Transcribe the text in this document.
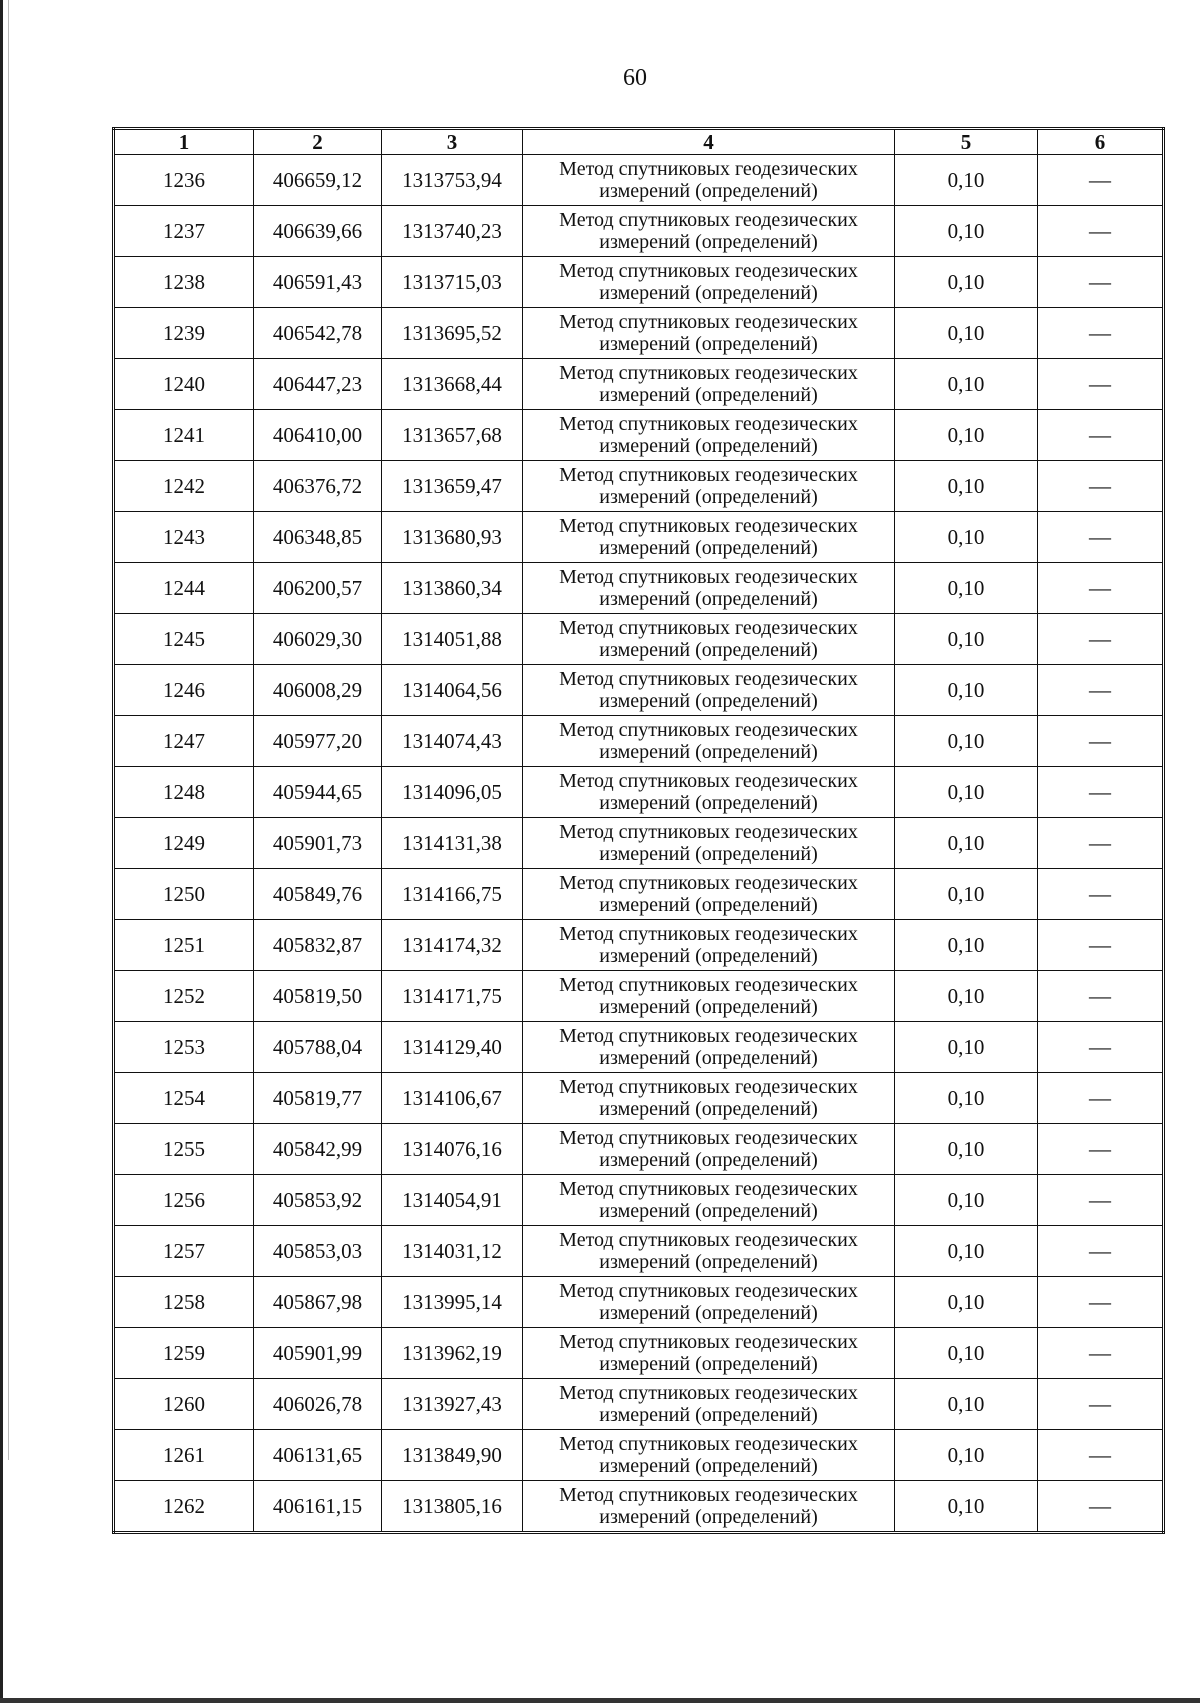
60
1	2	3	4	5	6
1236	406659,12	1313753,94	Метод спутниковых геодезических измерений (определений)	0,10	—
1237	406639,66	1313740,23	Метод спутниковых геодезических измерений (определений)	0,10	—
1238	406591,43	1313715,03	Метод спутниковых геодезических измерений (определений)	0,10	—
1239	406542,78	1313695,52	Метод спутниковых геодезических измерений (определений)	0,10	—
1240	406447,23	1313668,44	Метод спутниковых геодезических измерений (определений)	0,10	—
1241	406410,00	1313657,68	Метод спутниковых геодезических измерений (определений)	0,10	—
1242	406376,72	1313659,47	Метод спутниковых геодезических измерений (определений)	0,10	—
1243	406348,85	1313680,93	Метод спутниковых геодезических измерений (определений)	0,10	—
1244	406200,57	1313860,34	Метод спутниковых геодезических измерений (определений)	0,10	—
1245	406029,30	1314051,88	Метод спутниковых геодезических измерений (определений)	0,10	—
1246	406008,29	1314064,56	Метод спутниковых геодезических измерений (определений)	0,10	—
1247	405977,20	1314074,43	Метод спутниковых геодезических измерений (определений)	0,10	—
1248	405944,65	1314096,05	Метод спутниковых геодезических измерений (определений)	0,10	—
1249	405901,73	1314131,38	Метод спутниковых геодезических измерений (определений)	0,10	—
1250	405849,76	1314166,75	Метод спутниковых геодезических измерений (определений)	0,10	—
1251	405832,87	1314174,32	Метод спутниковых геодезических измерений (определений)	0,10	—
1252	405819,50	1314171,75	Метод спутниковых геодезических измерений (определений)	0,10	—
1253	405788,04	1314129,40	Метод спутниковых геодезических измерений (определений)	0,10	—
1254	405819,77	1314106,67	Метод спутниковых геодезических измерений (определений)	0,10	—
1255	405842,99	1314076,16	Метод спутниковых геодезических измерений (определений)	0,10	—
1256	405853,92	1314054,91	Метод спутниковых геодезических измерений (определений)	0,10	—
1257	405853,03	1314031,12	Метод спутниковых геодезических измерений (определений)	0,10	—
1258	405867,98	1313995,14	Метод спутниковых геодезических измерений (определений)	0,10	—
1259	405901,99	1313962,19	Метод спутниковых геодезических измерений (определений)	0,10	—
1260	406026,78	1313927,43	Метод спутниковых геодезических измерений (определений)	0,10	—
1261	406131,65	1313849,90	Метод спутниковых геодезических измерений (определений)	0,10	—
1262	406161,15	1313805,16	Метод спутниковых геодезических измерений (определений)	0,10	—
